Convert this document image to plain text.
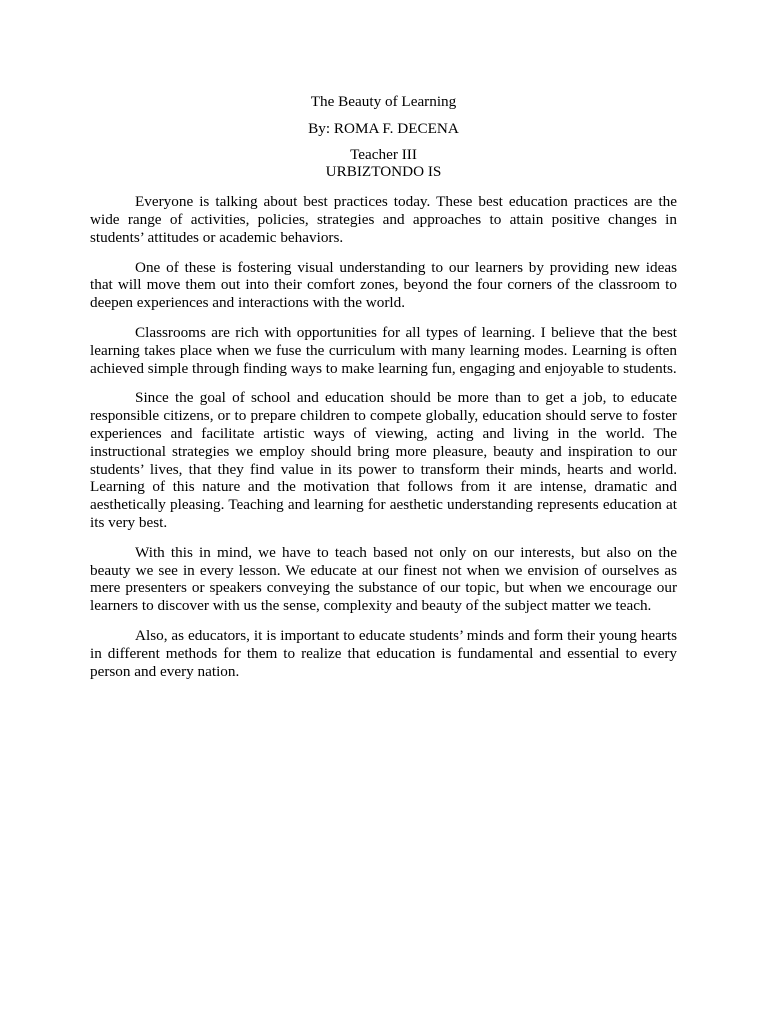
The Beauty of Learning

By: ROMA F. DECENA

Teacher III

URBIZTONDO IS

Everyone is talking about best practices today. These best education practices are the wide range of activities, policies, strategies and approaches to attain positive changes in students’ attitudes or academic behaviors.

One of these is fostering visual understanding to our learners by providing new ideas that will move them out into their comfort zones, beyond the four corners of the classroom to deepen experiences and interactions with the world.

Classrooms are rich with opportunities for all types of learning. I believe that the best learning takes place when we fuse the curriculum with many learning modes. Learning is often achieved simple through finding ways to make learning fun, engaging and enjoyable to students.

Since the goal of school and education should be more than to get a job, to educate responsible citizens, or to prepare children to compete globally, education should serve to foster experiences and facilitate artistic ways of viewing, acting and living in the world. The instructional strategies we employ should bring more pleasure, beauty and inspiration to our students’ lives, that they find value in its power to transform their minds, hearts and world. Learning of this nature and the motivation that follows from it are intense, dramatic and aesthetically pleasing. Teaching and learning for aesthetic understanding represents education at its very best.

With this in mind, we have to teach based not only on our interests, but also on the beauty we see in every lesson. We educate at our finest not when we envision of ourselves as mere presenters or speakers conveying the substance of our topic, but when we encourage our learners to discover with us the sense, complexity and beauty of the subject matter we teach.

Also, as educators, it is important to educate students’ minds and form their young hearts in different methods for them to realize that education is fundamental and essential to every person and every nation.
